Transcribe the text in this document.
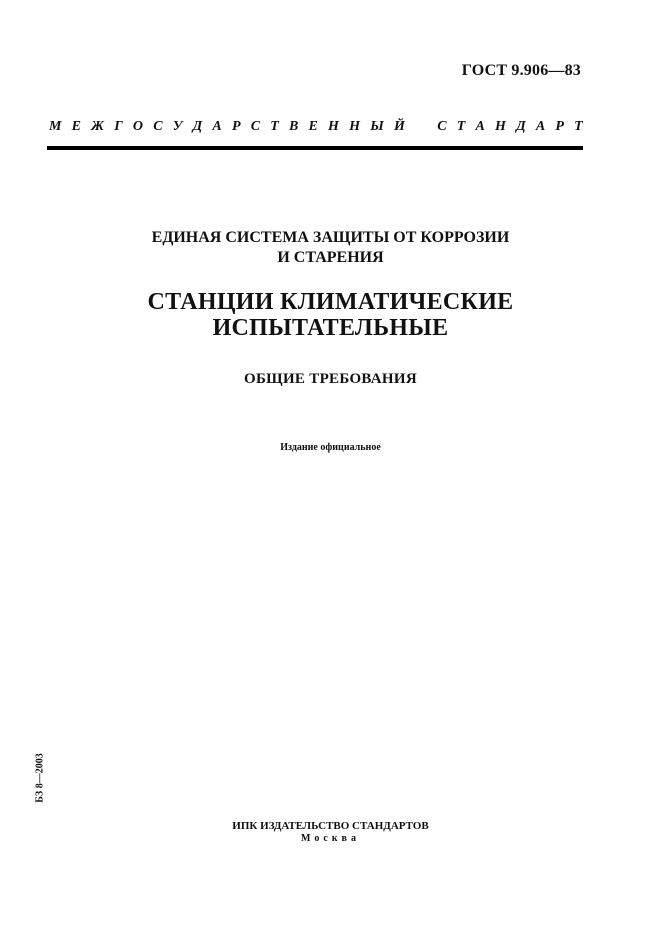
ГОСТ 9.906—83
М Е Ж Г О С У Д А Р С Т В Е Н Н Ы Й С Т А Н Д А Р Т
ЕДИНАЯ СИСТЕМА ЗАЩИТЫ ОТ КОРРОЗИИ
И СТАРЕНИЯ
СТАНЦИИ КЛИМАТИЧЕСКИЕ
ИСПЫТАТЕЛЬНЫЕ
ОБЩИЕ ТРЕБОВАНИЯ
Издание официальное
БЗ 8—2003
ИПК ИЗДАТЕЛЬСТВО СТАНДАРТОВ
Москва
